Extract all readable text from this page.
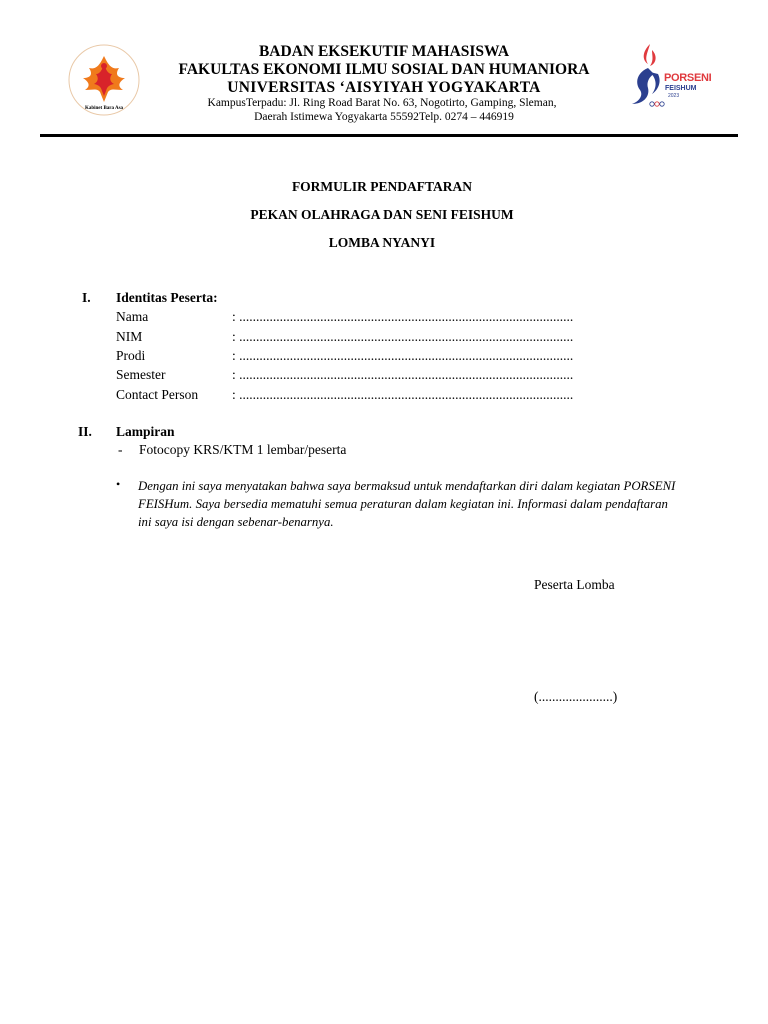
Kabinet Bara Asa
PORSENI
FEISHUM
2023
BADAN EKSEKUTIF MAHASISWA
FAKULTAS EKONOMI ILMU SOSIAL DAN HUMANIORA
UNIVERSITAS ‘AISYIYAH YOGYAKARTA
KampusTerpadu: Jl. Ring Road Barat No. 63, Nogotirto, Gamping, Sleman,
Daerah Istimewa Yogyakarta 55592Telp. 0274 – 446919
FORMULIR PENDAFTARAN
PEKAN OLAHRAGA DAN SENI FEISHUM
LOMBA NYANYI
I. Identitas Peserta:
Nama	: ...................................................................................................
NIM	: ...................................................................................................
Prodi	: ...................................................................................................
Semester	: ...................................................................................................
Contact Person	: ...................................................................................................
II. Lampiran
- Fotocopy KRS/KTM 1 lembar/peserta
• Dengan ini saya menyatakan bahwa saya bermaksud untuk mendaftarkan diri dalam kegiatan PORSENI FEISHum. Saya bersedia mematuhi semua peraturan dalam kegiatan ini. Informasi dalam pendaftaran ini saya isi dengan sebenar-benarnya.
Peserta Lomba
(......................)
